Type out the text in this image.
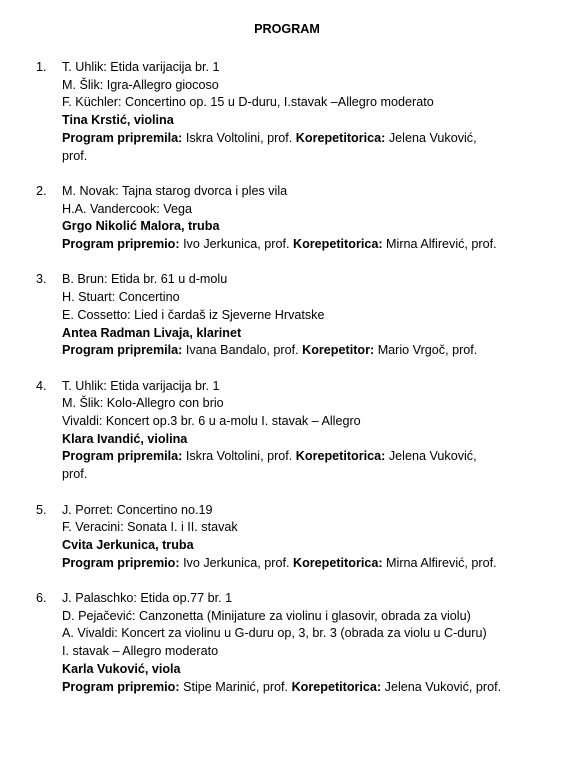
PROGRAM
1. T. Uhlik: Etida varijacija br. 1
M. Šlik: Igra-Allegro giocoso
F. Küchler: Concertino op. 15 u D-duru, I.stavak –Allegro moderato
Tina Krstić, violina
Program pripremila: Iskra Voltolini, prof. Korepetitorica: Jelena Vuković, prof.
2. M. Novak: Tajna starog dvorca i ples vila
H.A. Vandercook: Vega
Grgo Nikolić Malora, truba
Program pripremio: Ivo Jerkunica, prof. Korepetitorica: Mirna Alfirević, prof.
3. B. Brun: Etida br. 61 u d-molu
H. Stuart: Concertino
E. Cossetto: Lied i čardaš iz Sjeverne Hrvatske
Antea Radman Livaja, klarinet
Program pripremila: Ivana Bandalo, prof. Korepetitor: Mario Vrgoč, prof.
4. T. Uhlik: Etida varijacija br. 1
M. Šlik: Kolo-Allegro con brio
Vivaldi: Koncert op.3 br. 6 u a-molu I. stavak – Allegro
Klara Ivandić, violina
Program pripremila: Iskra Voltolini, prof. Korepetitorica: Jelena Vuković, prof.
5. J. Porret: Concertino no.19
F. Veracini: Sonata I. i II. stavak
Cvita Jerkunica, truba
Program pripremio: Ivo Jerkunica, prof. Korepetitorica: Mirna Alfirević, prof.
6. J. Palaschko: Etida op.77 br. 1
D. Pejačević: Canzonetta (Minijature za violinu i glasovir, obrada za violu)
A. Vivaldi: Koncert za violinu u G-duru op, 3, br. 3 (obrada za violu u C-duru)
I. stavak – Allegro moderato
Karla Vuković, viola
Program pripremio: Stipe Marinić, prof. Korepetitorica: Jelena Vuković, prof.
